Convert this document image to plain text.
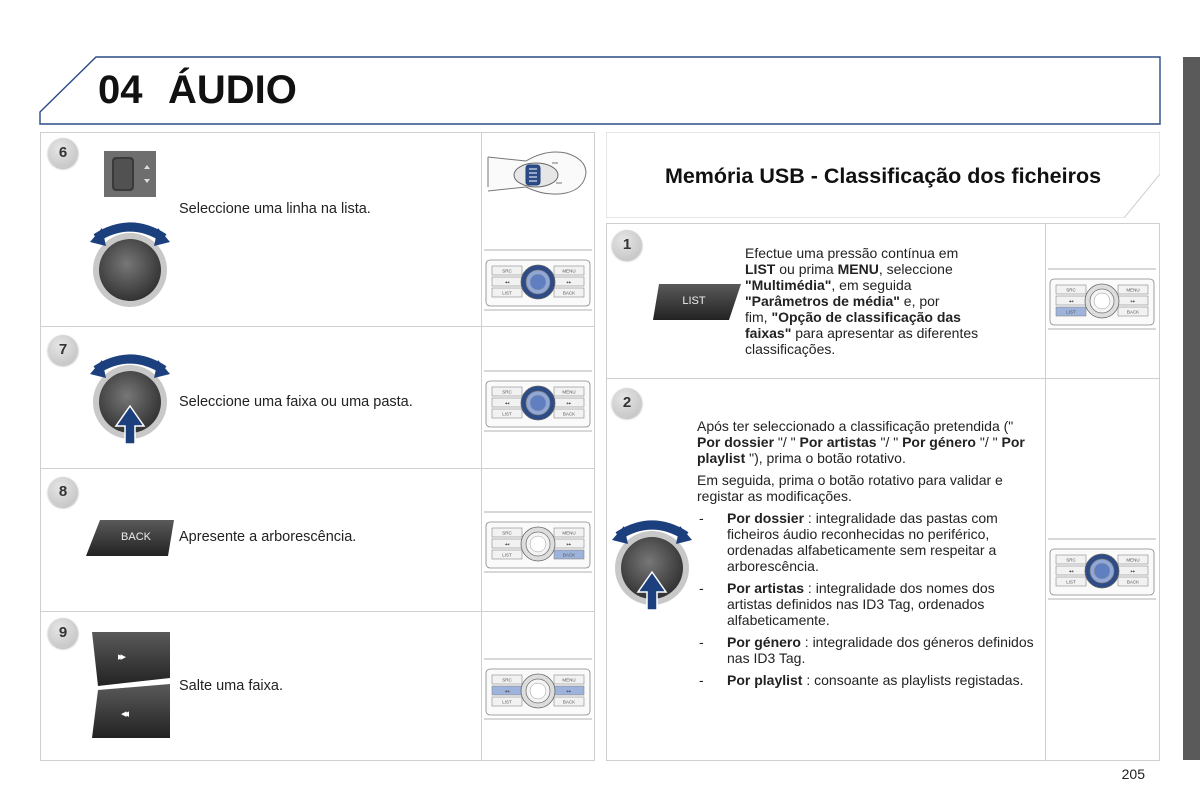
04 ÁUDIO
6
Seleccione uma linha na lista.
7
Seleccione uma faixa ou uma pasta.
8
BACK	Apresente a arborescência.
9
▸▸
◂◂
Salte uma faixa.
Memória USB - Classificação dos ficheiros
1
LIST
Efectue uma pressão contínua em
LIST ou prima MENU, seleccione
"Multimédia", em seguida
"Parâmetros de média" e, por
fim, "Opção de classificação das
faixas" para apresentar as diferentes
classificações.
2

Após ter seleccionado a classificação pretendida (" Por dossier "/ " Por artistas "/ " Por género "/ " Por playlist "), prima o botão rotativo.

Em seguida, prima o botão rotativo para validar e registar as modificações.

- Por dossier : integralidade das pastas com ficheiros áudio reconhecidas no periférico, ordenadas alfabeticamente sem respeitar a arborescência.
- Por artistas : integralidade dos nomes dos artistas definidos nas ID3 Tag, ordenados alfabeticamente.
- Por género : integralidade dos géneros definidos nas ID3 Tag.
- Por playlist : consoante as playlists registadas.
205
SRC
◂◂
LIST
MENU
▸▸
BACK
SRC
◂◂
LIST
MENU
▸▸
BACK
SRC
◂◂
LIST
MENU
▸▸
BACK
SRC
◂◂
LIST
MENU
▸▸
BACK
SRC
◂◂
LIST
MENU
▸▸
BACK
SRC
◂◂
LIST
MENU
▸▸
BACK
